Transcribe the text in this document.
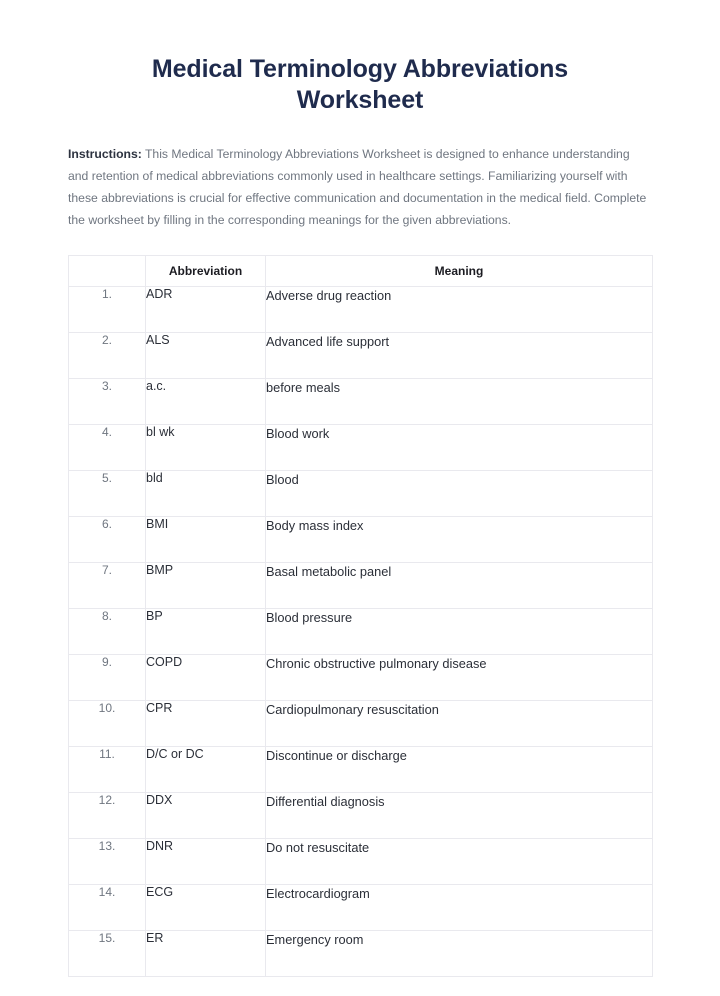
Medical Terminology Abbreviations Worksheet

Instructions: This Medical Terminology Abbreviations Worksheet is designed to enhance understanding and retention of medical abbreviations commonly used in healthcare settings. Familiarizing yourself with these abbreviations is crucial for effective communication and documentation in the medical field. Complete the worksheet by filling in the corresponding meanings for the given abbreviations.

	Abbreviation	Meaning
1.	ADR	Adverse drug reaction
2.	ALS	Advanced life support
3.	a.c.	before meals
4.	bl wk	Blood work
5.	bld	Blood
6.	BMI	Body mass index
7.	BMP	Basal metabolic panel
8.	BP	Blood pressure
9.	COPD	Chronic obstructive pulmonary disease
10.	CPR	Cardiopulmonary resuscitation
11.	D/C or DC	Discontinue or discharge
12.	DDX	Differential diagnosis
13.	DNR	Do not resuscitate
14.	ECG	Electrocardiogram
15.	ER	Emergency room
